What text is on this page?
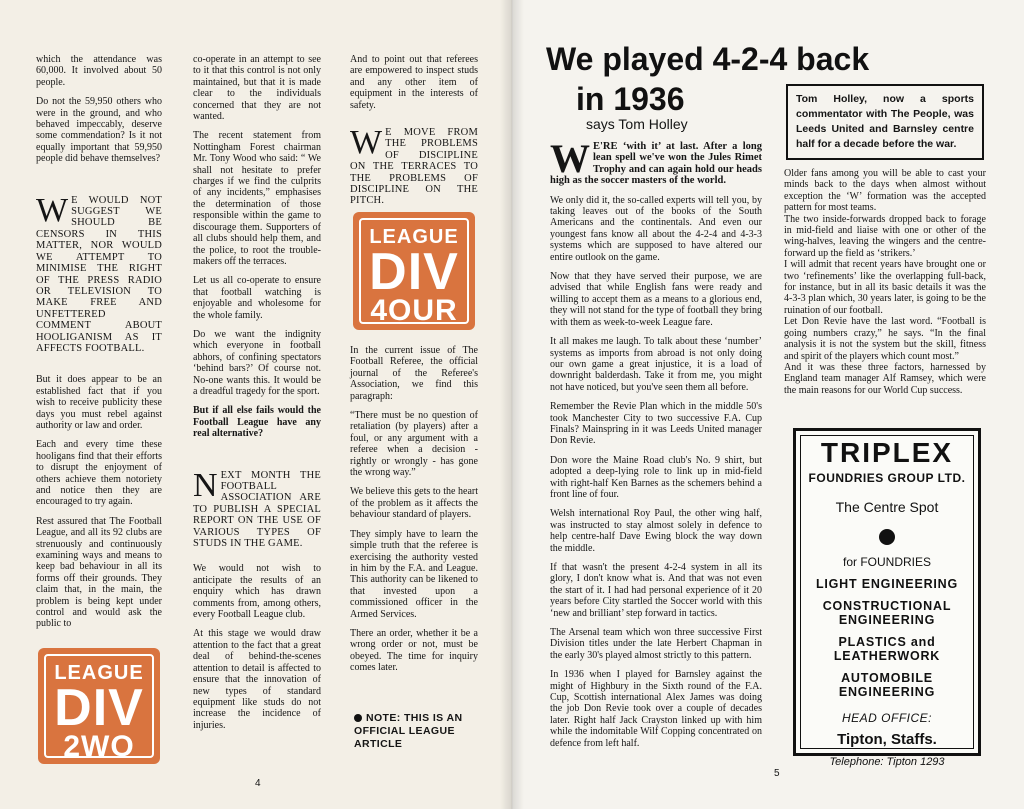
which the attendance was 60,000. It involved about 50 people.

Do not the 59,950 others who were in the ground, and who behaved impeccably, deserve some commendation? Is it not equally important that 59,950 people did behave themselves?

W E WOULD NOT SUGGEST WE SHOULD BE CENSORS IN THIS MATTER, NOR WOULD WE ATTEMPT TO MINIMISE THE RIGHT OF THE PRESS RADIO OR TELEVISION TO MAKE FREE AND UNFETTERED COMMENT ABOUT HOOLIGANISM AS IT AFFECTS FOOTBALL.

But it does appear to be an established fact that if you wish to receive publicity these days you must rebel against authority or law and order.

Each and every time these hooligans find that their efforts to disrupt the enjoyment of others achieve them notoriety and notice then they are encouraged to try again.

Rest assured that The Football League, and all its 92 clubs are strenuously and continuously examining ways and means to keep bad behaviour in all its forms off their grounds. They claim that, in the main, the problem is being kept under control and would ask the public to

LEAGUE
DIV
2WO

co-operate in an attempt to see to it that this control is not only maintained, but that it is made clear to the individuals concerned that they are not wanted.

The recent statement from Nottingham Forest chairman Mr. Tony Wood who said: “ We shall not hesitate to prefer charges if we find the culprits of any incidents,” emphasises the determination of those responsible within the game to discourage them. Supporters of all clubs should help them, and the police, to root the trouble-makers off the terraces.

Let us all co-operate to ensure that football watching is enjoyable and wholesome for the whole family.

Do we want the indignity which everyone in football abhors, of confining spectators ‘behind bars?’ Of course not. No-one wants this. It would be a dreadful tragedy for the sport.

But if all else fails would the Football League have any real alternative?

NEXT MONTH THE FOOTBALL ASSOCIATION ARE TO PUBLISH A SPECIAL REPORT ON THE USE OF VARIOUS TYPES OF STUDS IN THE GAME.

We would not wish to anticipate the results of an enquiry which has drawn comments from, among others, every Football League club.

At this stage we would draw attention to the fact that a great deal of behind-the-scenes attention to detail is affected to ensure that the innovation of new types of standard equipment like studs do not increase the incidence of injuries.

And to point out that referees are empowered to inspect studs and any other item of equipment in the interests of safety.

W E MOVE FROM THE PROBLEMS OF DISCIPLINE ON THE TERRACES TO THE PROBLEMS OF DISCIPLINE ON THE PITCH.

LEAGUE
DIV
4OUR

In the current issue of The Football Referee, the official journal of the Referee's Association, we find this paragraph:

“There must be no question of retaliation (by players) after a foul, or any argument with a referee when a decision - rightly or wrongly - has gone the wrong way.”

We believe this gets to the heart of the problem as it affects the behaviour standard of players.

They simply have to learn the simple truth that the referee is exercising the authority vested in him by the F.A. and League. This authority can be likened to that invested upon a commissioned officer in the Armed Services.

There an order, whether it be a wrong order or not, must be obeyed. The time for inquiry comes later.

NOTE: THIS IS AN OFFICIAL LEAGUE ARTICLE
4
We played 4-2-4 back
in 1936
says Tom Holley
Tom Holley, now a sports commentator with The People, was Leeds United and Barnsley centre half for a decade before the war.

W E'RE ‘with it’ at last. After a long lean spell we've won the Jules Rimet Trophy and can again hold our heads high as the soccer masters of the world.

We only did it, the so-called experts will tell you, by taking leaves out of the books of the South Americans and the continentals. And even our youngest fans know all about the 4-2-4 and 4-3-3 systems which are supposed to have altered our entire outlook on the game.

Now that they have served their purpose, we are advised that while English fans were ready and willing to accept them as a means to a glorious end, they will not stand for the type of football they bring with them as week-to-week League fare.

It all makes me laugh. To talk about these ‘number’ systems as imports from abroad is not only doing our own game a great injustice, it is a load of downright balderdash. Take it from me, you might not have noticed, but you've seen them all before.

Remember the Revie Plan which in the middle 50's took Manchester City to two successive F.A. Cup Finals? Mainspring in it was Leeds United manager Don Revie.

Don wore the Maine Road club's No. 9 shirt, but adopted a deep-lying role to link up in mid-field with right-half Ken Barnes as the schemers behind a front line of four.

Welsh international Roy Paul, the other wing half, was instructed to stay almost solely in defence to help centre-half Dave Ewing block the way down the middle.

If that wasn't the present 4-2-4 system in all its glory, I don't know what is. And that was not even the start of it. I had had personal experience of it 20 years before City startled the Soccer world with this ‘new and brilliant’ step forward in tactics.

The Arsenal team which won three successive First Division titles under the late Herbert Chapman in the early 30's played almost strictly to this pattern.

In 1936 when I played for Barnsley against the might of Highbury in the Sixth round of the F.A. Cup, Scottish international Alex James was doing the job Don Revie took over a couple of decades later. Right half Jack Crayston linked up with him while the indomitable Wilf Copping concentrated on defence from left half.

Older fans among you will be able to cast your minds back to the days when almost without exception the ‘W’ formation was the accepted pattern for most teams.

The two inside-forwards dropped back to forage in mid-field and liaise with one or other of the wing-halves, leaving the wingers and the centre-forward up the field as ‘strikers.’

I will admit that recent years have brought one or two ‘refinements’ like the overlapping full-back, for instance, but in all its basic details it was the 4-3-3 plan which, 30 years later, is going to be the ruination of our football.

Let Don Revie have the last word. “Football is going numbers crazy,” he says. “In the final analysis it is not the system but the skill, fitness and spirit of the players which count most.”

And it was these three factors, harnessed by England team manager Alf Ramsey, which were the main reasons for our World Cup success.

TRIPLEX
FOUNDRIES GROUP LTD.
The Centre Spot
for FOUNDRIES
LIGHT ENGINEERING
CONSTRUCTIONAL ENGINEERING
PLASTICS and LEATHERWORK
AUTOMOBILE ENGINEERING
HEAD OFFICE:
Tipton, Staffs.
Telephone: Tipton 1293
5
